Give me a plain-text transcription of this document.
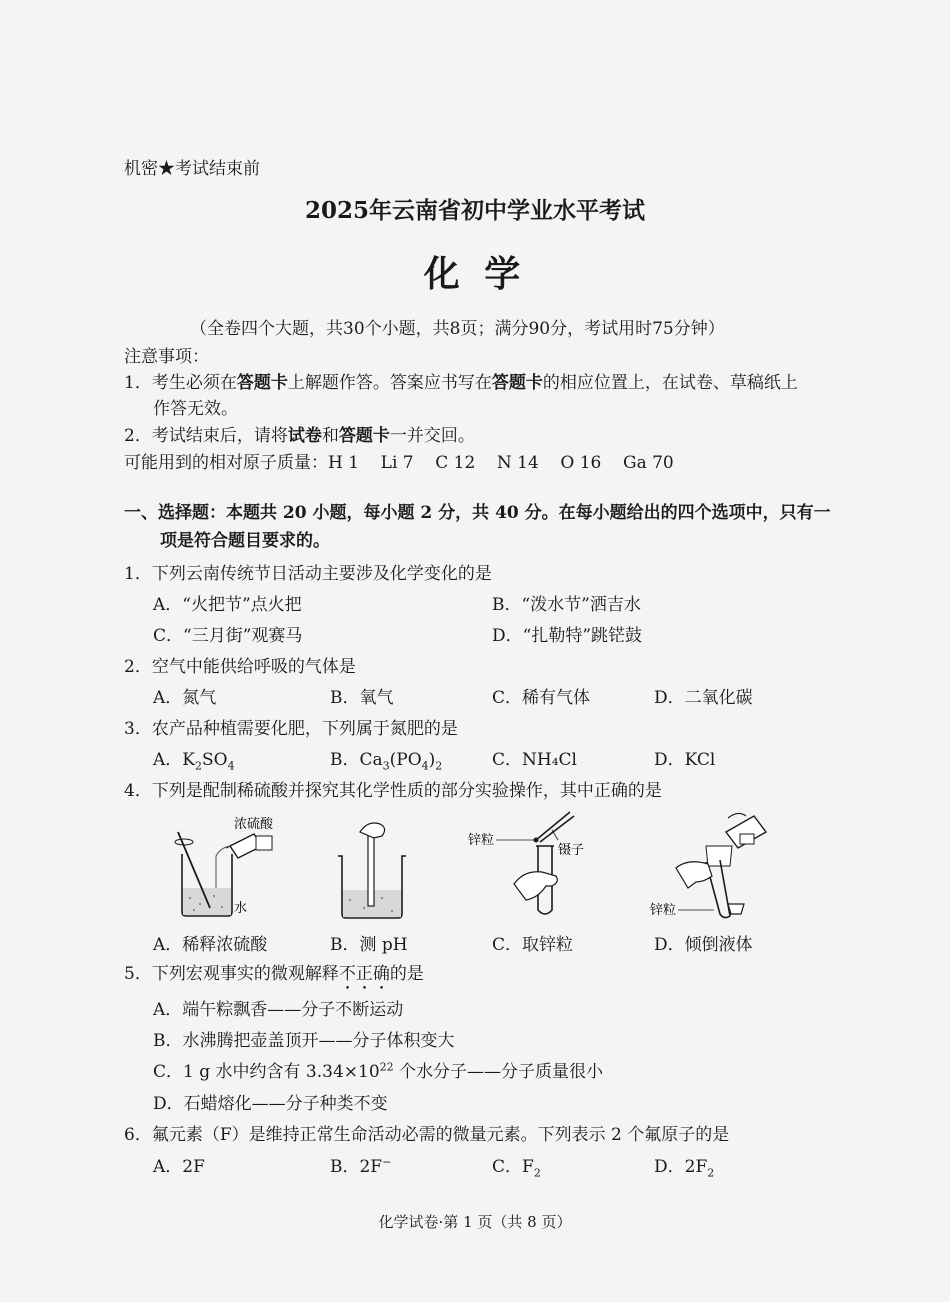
机密★考试结束前
2025年云南省初中学业水平考试
化 学
（全卷四个大题，共30个小题，共8页；满分90分，考试用时75分钟）
注意事项：
1．考生必须在答题卡上解题作答。答案应书写在答题卡的相应位置上，在试卷、草稿纸上
作答无效。
2．考试结束后，请将试卷和答题卡一并交回。
可能用到的相对原子质量：H 1    Li 7    C 12    N 14    O 16    Ga 70
一、选择题：本题共 20 小题，每小题 2 分，共 40 分。在每小题给出的四个选项中，只有一
项是符合题目要求的。
1．下列云南传统节日活动主要涉及化学变化的是
A．“火把节”点火把	B．“泼水节”洒吉水
C．“三月街”观赛马	D．“扎勒特”跳铓鼓
2．空气中能供给呼吸的气体是
A．氮气	B．氧气	C．稀有气体	D．二氧化碳
3．农产品种植需要化肥，下列属于氮肥的是
A．$K_2SO_4$	B．$Ca_3(PO_4)_2$	C．NH₄Cl	D．KCl
4．下列是配制稀硫酸并探究其化学性质的部分实验操作，其中正确的是
浓硫酸
水
锌粒
镊子
锌粒
A．稀释浓硫酸	B．测 pH	C．取锌粒	D．倾倒液体
5．下列宏观事实的微观解释不正确的是
A．端午粽飘香——分子不断运动
B．水沸腾把壶盖顶开——分子体积变大
C．1 g 水中约含有 $3.34\times 10^{22}$ 个水分子——分子质量很小
D．石蜡熔化——分子种类不变
6．氟元素（F）是维持正常生命活动必需的微量元素。下列表示 2 个氟原子的是
A．2F	B．2F−	C．$F_2$	D．$2F_2$
化学试卷·第 1 页（共 8 页）
